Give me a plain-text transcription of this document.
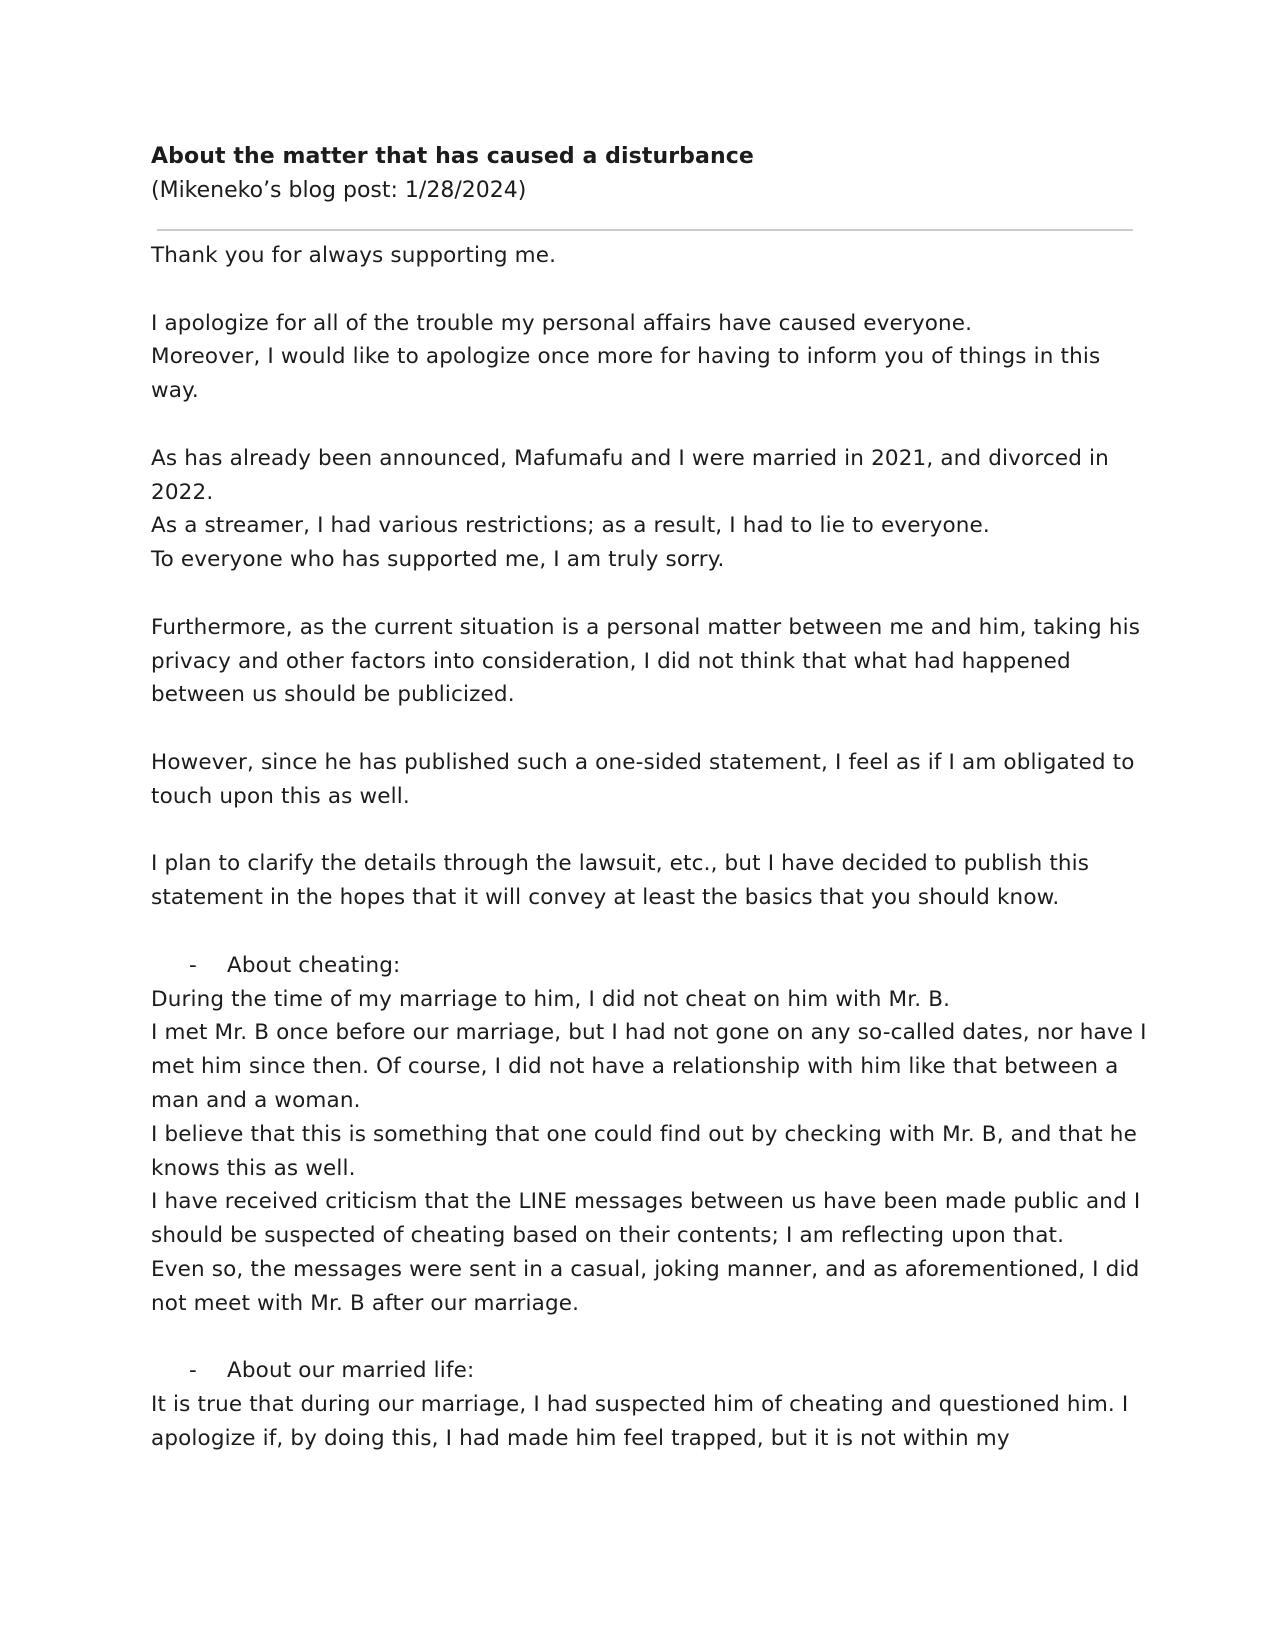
About the matter that has caused a disturbance

(Mikeneko’s blog post: 1/28/2024)

Thank you for always supporting me.

I apologize for all of the trouble my personal affairs have caused everyone.

Moreover, I would like to apologize once more for having to inform you of things in this way.

As has already been announced, Mafumafu and I were married in 2021, and divorced in 2022.

As a streamer, I had various restrictions; as a result, I had to lie to everyone.

To everyone who has supported me, I am truly sorry.

Furthermore, as the current situation is a personal matter between me and him, taking his privacy and other factors into consideration, I did not think that what had happened between us should be publicized.

However, since he has published such a one-sided statement, I feel as if I am obligated to touch upon this as well.

I plan to clarify the details through the lawsuit, etc., but I have decided to publish this statement in the hopes that it will convey at least the basics that you should know.

-	About cheating:

During the time of my marriage to him, I did not cheat on him with Mr. B.

I met Mr. B once before our marriage, but I had not gone on any so-called dates, nor have I met him since then. Of course, I did not have a relationship with him like that between a man and a woman.

I believe that this is something that one could find out by checking with Mr. B, and that he knows this as well.

I have received criticism that the LINE messages between us have been made public and I should be suspected of cheating based on their contents; I am reflecting upon that.

Even so, the messages were sent in a casual, joking manner, and as aforementioned, I did not meet with Mr. B after our marriage.

-	About our married life:

It is true that during our marriage, I had suspected him of cheating and questioned him. I apologize if, by doing this, I had made him feel trapped, but it is not within my
